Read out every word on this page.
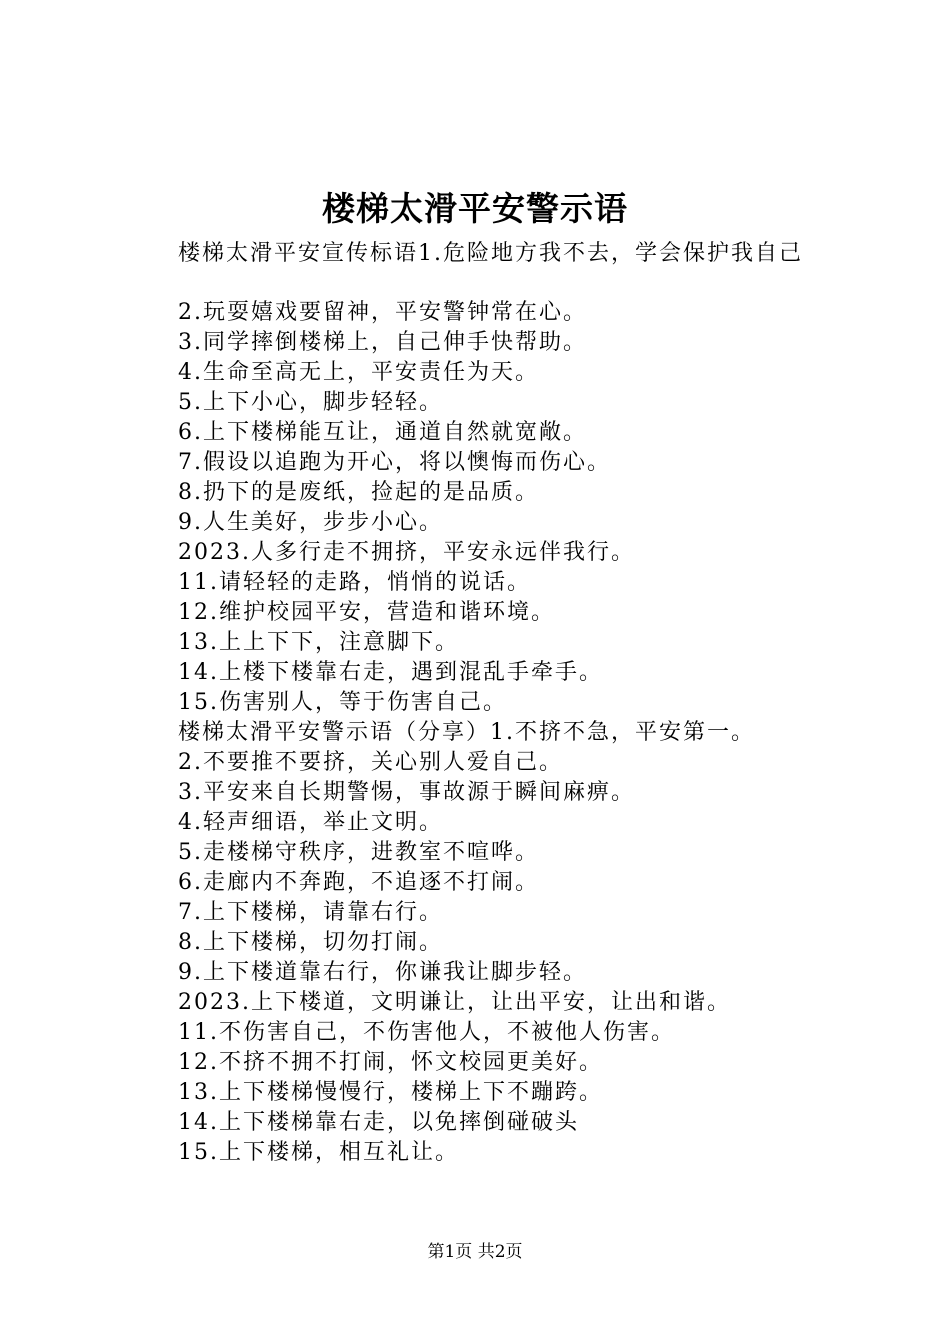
楼梯太滑平安警示语
楼梯太滑平安宣传标语1.危险地方我不去，学会保护我自己
2.玩耍嬉戏要留神，平安警钟常在心。
3.同学摔倒楼梯上，自己伸手快帮助。
4.生命至高无上，平安责任为天。
5.上下小心，脚步轻轻。
6.上下楼梯能互让，通道自然就宽敞。
7.假设以追跑为开心，将以懊悔而伤心。
8.扔下的是废纸，捡起的是品质。
9.人生美好，步步小心。
2023.人多行走不拥挤，平安永远伴我行。
11.请轻轻的走路，悄悄的说话。
12.维护校园平安，营造和谐环境。
13.上上下下，注意脚下。
14.上楼下楼靠右走，遇到混乱手牵手。
15.伤害别人，等于伤害自己。
楼梯太滑平安警示语（分享）1.不挤不急，平安第一。
2.不要推不要挤，关心别人爱自己。
3.平安来自长期警惕，事故源于瞬间麻痹。
4.轻声细语，举止文明。
5.走楼梯守秩序，进教室不喧哗。
6.走廊内不奔跑，不追逐不打闹。
7.上下楼梯，请靠右行。
8.上下楼梯，切勿打闹。
9.上下楼道靠右行，你谦我让脚步轻。
2023.上下楼道，文明谦让，让出平安，让出和谐。
11.不伤害自己，不伤害他人，不被他人伤害。
12.不挤不拥不打闹，怀文校园更美好。
13.上下楼梯慢慢行，楼梯上下不蹦跨。
14.上下楼梯靠右走，以免摔倒碰破头
15.上下楼梯，相互礼让。
第1页 共2页
